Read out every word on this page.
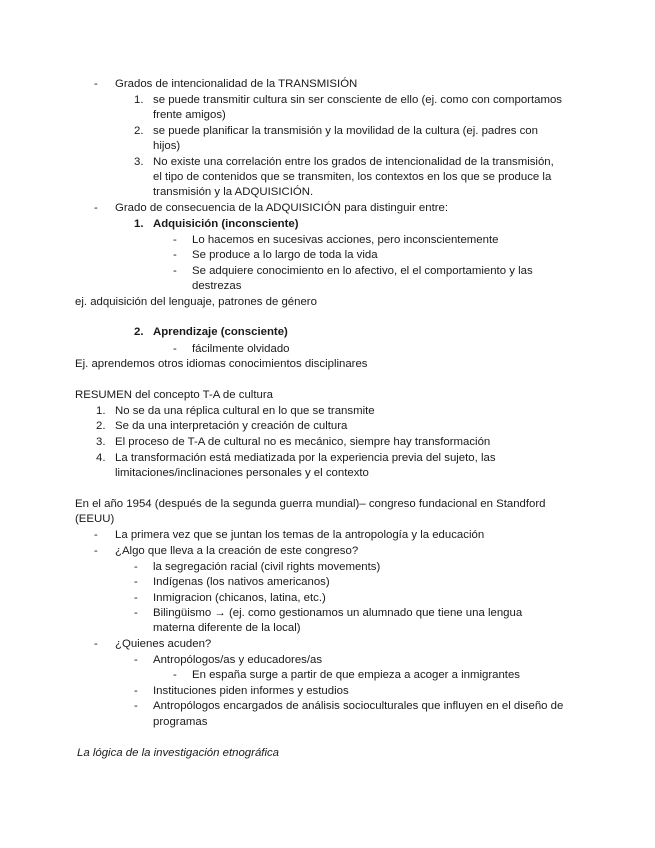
- Grados de intencionalidad de la TRANSMISIÓN
1. se puede transmitir cultura sin ser consciente de ello (ej. como con comportamos
frente amigos)
2. se puede planificar la transmisión y la movilidad de la cultura (ej. padres con
hijos)
3. No existe una correlación entre los grados de intencionalidad de la transmisión,
el tipo de contenidos que se transmiten, los contextos en los que se produce la
transmisión y la ADQUISICIÓN.
- Grado de consecuencia de la ADQUISICIÓN para distinguir entre:
1. Adquisición (inconsciente)
- Lo hacemos en sucesivas acciones, pero inconscientemente
- Se produce a lo largo de toda la vida
- Se adquiere conocimiento en lo afectivo, el el comportamiento y las
destrezas
ej. adquisición del lenguaje, patrones de género
2. Aprendizaje (consciente)
- fácilmente olvidado
Ej. aprendemos otros idiomas conocimientos disciplinares
RESUMEN del concepto T-A de cultura
1. No se da una réplica cultural en lo que se transmite
2. Se da una interpretación y creación de cultura
3. El proceso de T-A de cultural no es mecánico, siempre hay transformación
4. La transformación está mediatizada por la experiencia previa del sujeto, las
limitaciones/inclinaciones personales y el contexto
En el año 1954 (después de la segunda guerra mundial)– congreso fundacional en Standford
(EEUU)
- La primera vez que se juntan los temas de la antropología y la educación
- ¿Algo que lleva a la creación de este congreso?
- la segregación racial (civil rights movements)
- Indígenas (los nativos americanos)
- Inmigracion (chicanos, latina, etc.)
- Bilingüismo → (ej. como gestionamos un alumnado que tiene una lengua
materna diferente de la local)
- ¿Quienes acuden?
- Antropólogos/as y educadores/as
- En españa surge a partir de que empieza a acoger a inmigrantes
- Instituciones piden informes y estudios
- Antropólogos encargados de análisis socioculturales que influyen en el diseño de
programas
La lógica de la investigación etnográfica
